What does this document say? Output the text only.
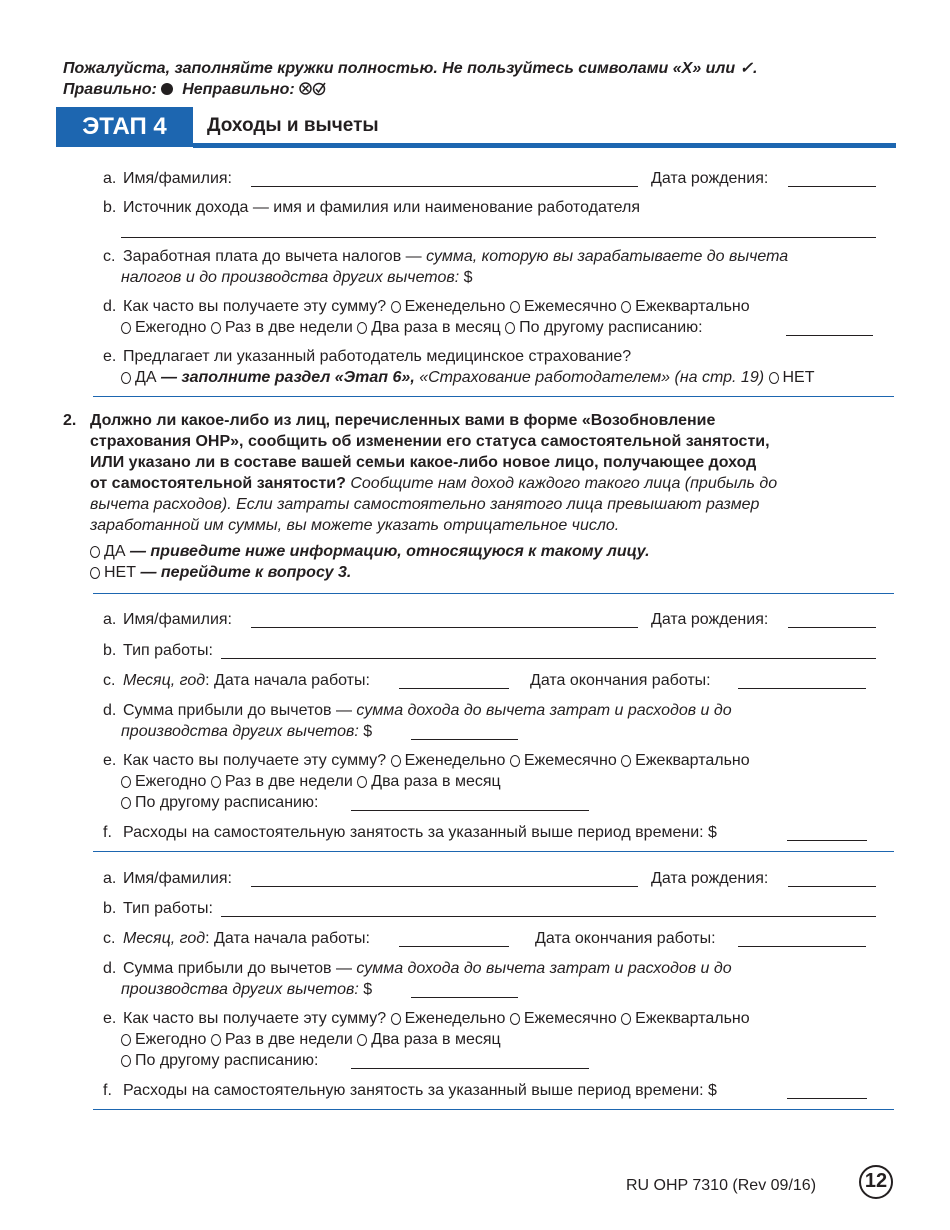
Пожалуйста, заполняйте кружки полностью. Не пользуйтесь символами «X» или ✓.
Правильно: Неправильно:
ЭТАП 4	Доходы и вычеты
a. Имя/фамилия:	Дата рождения:
b. Источник дохода — имя и фамилия или наименование работодателя
c. Заработная плата до вычета налогов — сумма, которую вы зарабатываете до вычета
налогов и до производства других вычетов: $
d. Как часто вы получаете эту сумму? Еженедельно Ежемесячно Ежеквартально
Ежегодно Раз в две недели Два раза в месяц По другому расписанию:
e. Предлагает ли указанный работодатель медицинское страхование?
ДА — заполните раздел «Этап 6», «Страхование работодателем» (на стр. 19) НЕТ
2. Должно ли какое-либо из лиц, перечисленных вами в форме «Возобновление
страхования OHP», сообщить об изменении его статуса самостоятельной занятости,
ИЛИ указано ли в составе вашей семьи какое-либо новое лицо, получающее доход
от самостоятельной занятости? Сообщите нам доход каждого такого лица (прибыль до
вычета расходов). Если затраты самостоятельно занятого лица превышают размер
заработанной им суммы, вы можете указать отрицательное число.
ДА — приведите ниже информацию, относящуюся к такому лицу.
НЕТ — перейдите к вопросу 3.
a. Имя/фамилия:	Дата рождения:
b. Тип работы:
c. Месяц, год: Дата начала работы:	Дата окончания работы:
d. Сумма прибыли до вычетов — сумма дохода до вычета затрат и расходов и до
производства других вычетов: $
e. Как часто вы получаете эту сумму? Еженедельно Ежемесячно Ежеквартально
Ежегодно Раз в две недели Два раза в месяц
По другому расписанию:
f. Расходы на самостоятельную занятость за указанный выше период времени: $
a. Имя/фамилия:	Дата рождения:
b. Тип работы:
c. Месяц, год: Дата начала работы:	Дата окончания работы:
d. Сумма прибыли до вычетов — сумма дохода до вычета затрат и расходов и до
производства других вычетов: $
e. Как часто вы получаете эту сумму? Еженедельно Ежемесячно Ежеквартально
Ежегодно Раз в две недели Два раза в месяц
По другому расписанию:
f. Расходы на самостоятельную занятость за указанный выше период времени: $
RU OHP 7310 (Rev 09/16) 12
